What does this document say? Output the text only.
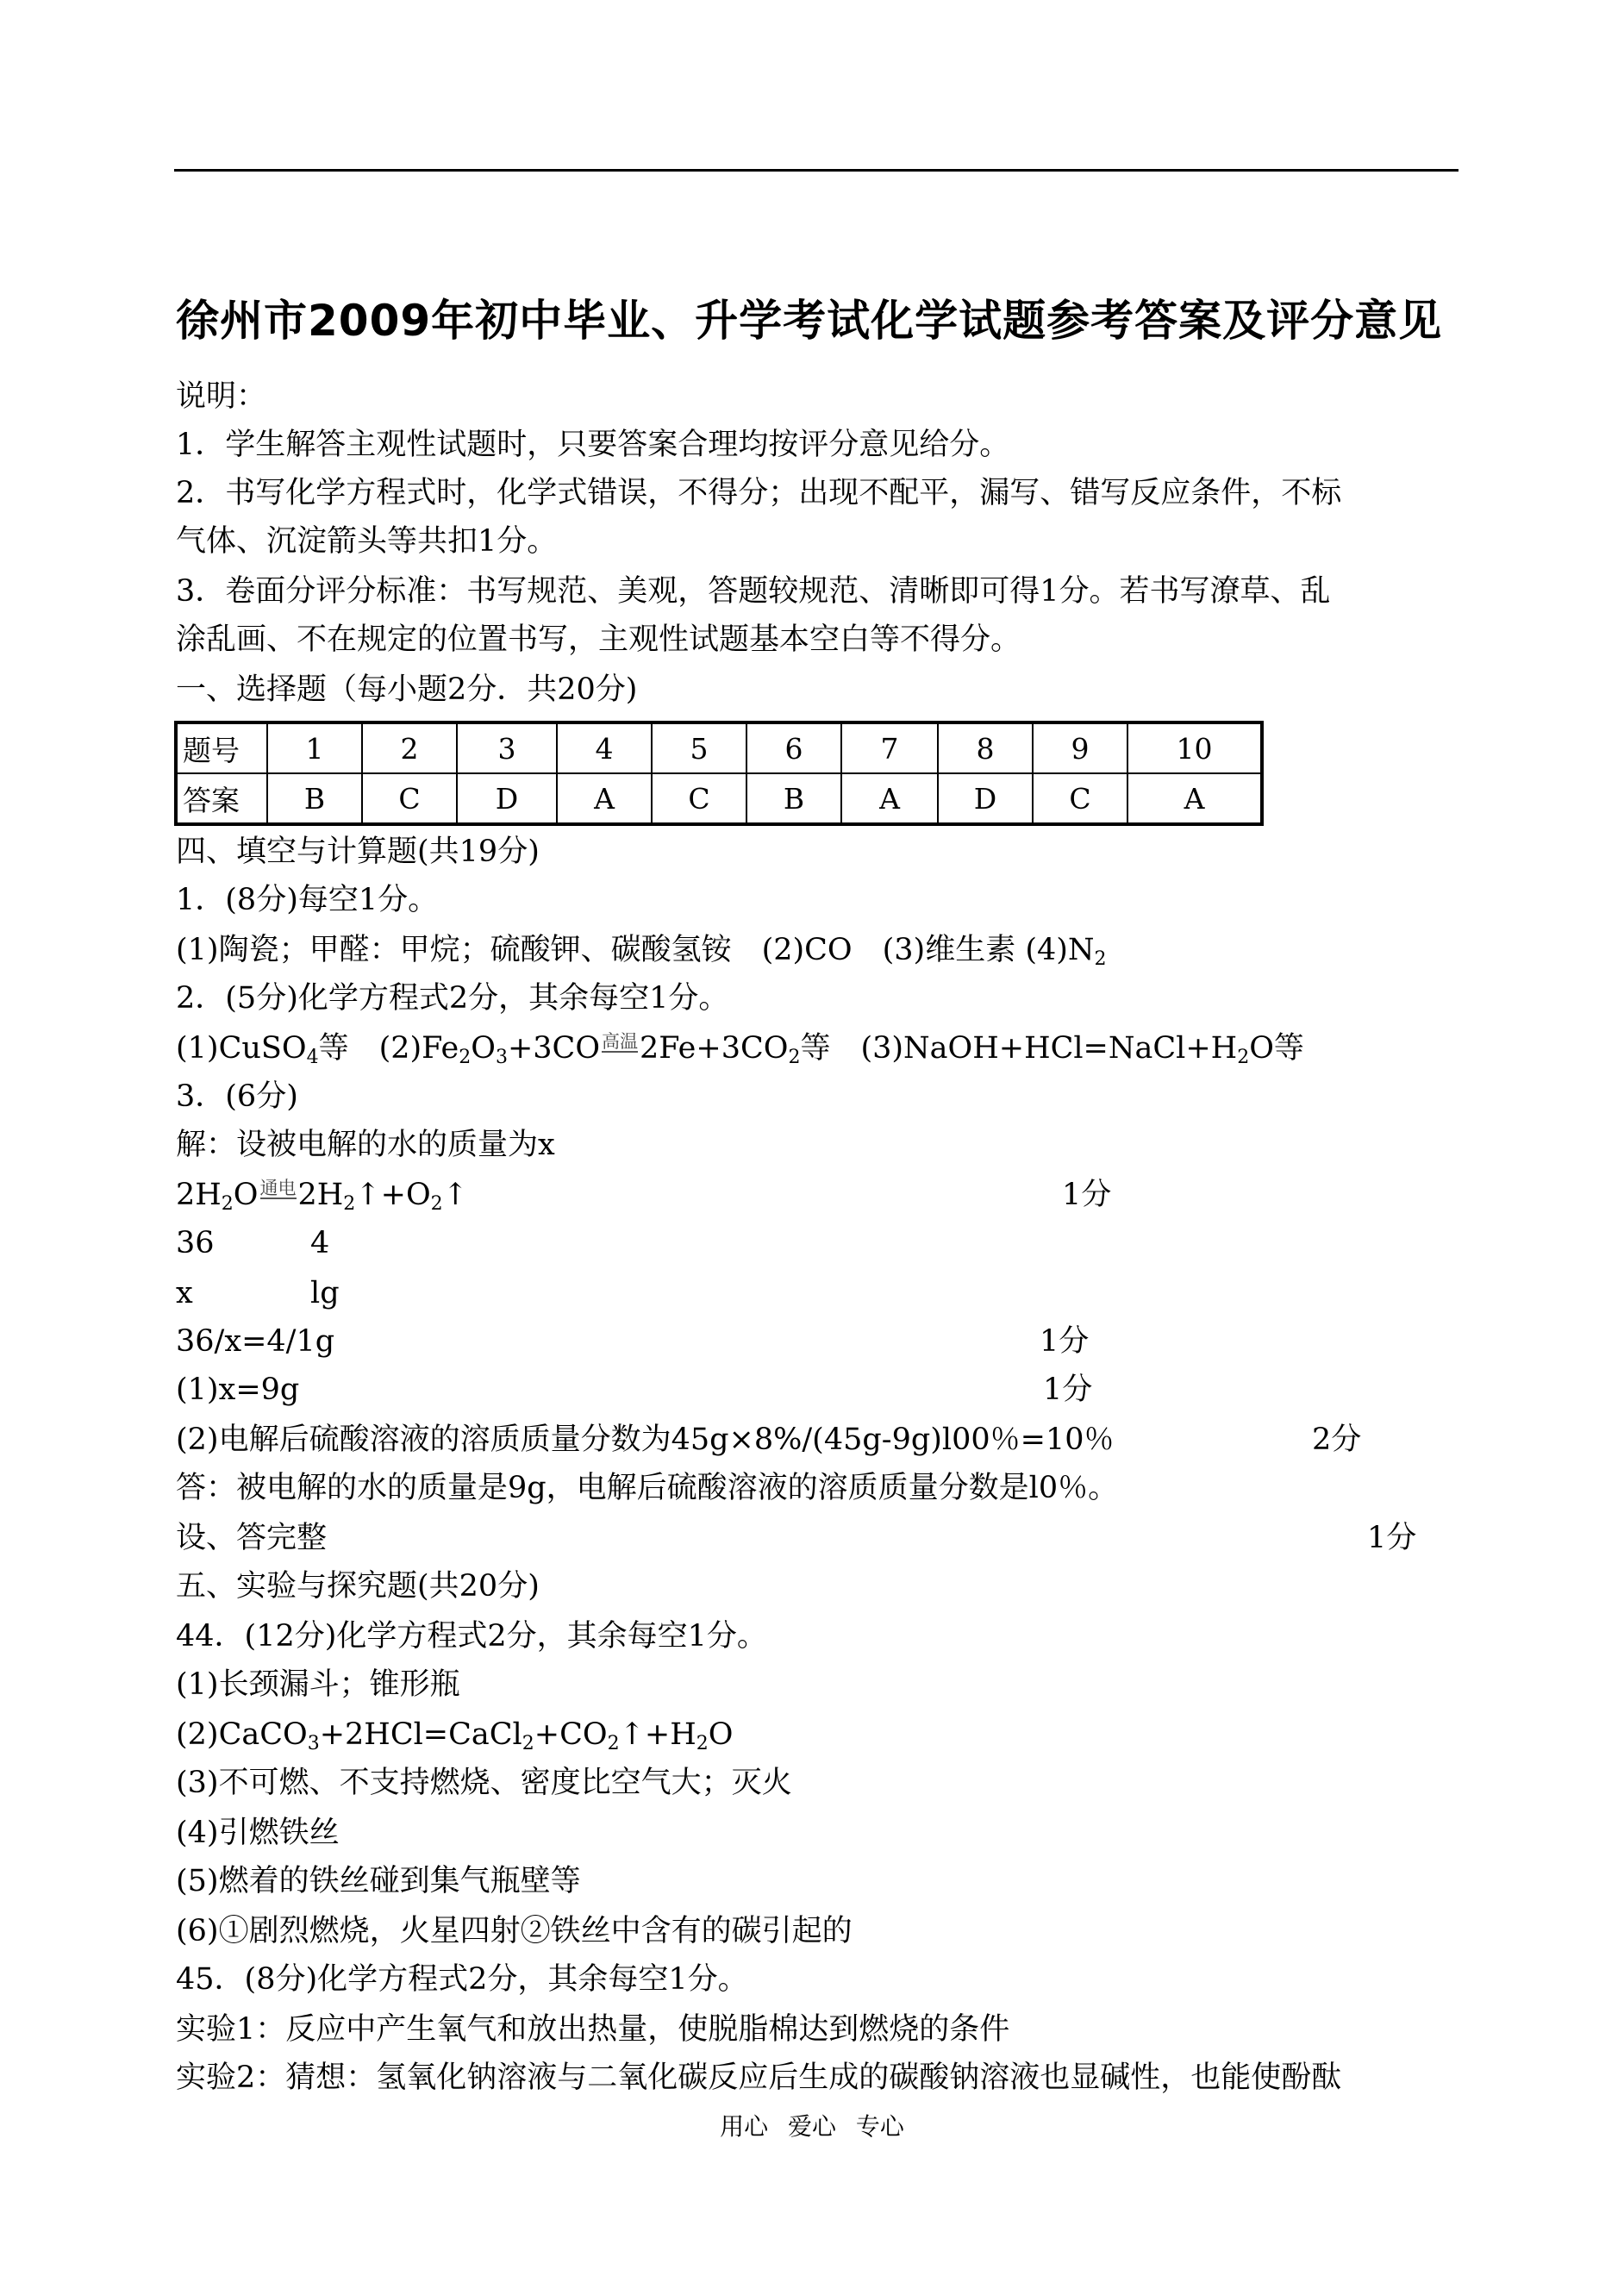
徐州市2009年初中毕业、升学考试化学试题参考答案及评分意见
说明：
1．学生解答主观性试题时，只要答案合理均按评分意见给分。
2．书写化学方程式时，化学式错误，不得分；出现不配平，漏写、错写反应条件，不标
气体、沉淀箭头等共扣1分。
3．卷面分评分标准：书写规范、美观，答题较规范、清晰即可得1分。若书写潦草、乱
涂乱画、不在规定的位置书写，主观性试题基本空白等不得分。
一、选择题（每小题2分．共20分)
题号	1	2	3	4	5	6	7	8	9	10
答案	B	C	D	A	C	B	A	D	C	A
四、填空与计算题(共19分)
1．(8分)每空1分。
(1)陶瓷；甲醛：甲烷；硫酸钾、碳酸氢铵　(2)CO　(3)维生素 $(4)N_2$
2．(5分)化学方程式2分，其余每空1分。
(1)CuSO$_4$等　$(2)Fe_2O_3+3CO$高温$2Fe+3CO_2$等　$(3)NaOH+HCl=NaCl+H_2O$等
3．(6分)
解：设被电解的水的质量为x
$2H_2O$通电$2H_2↑+O_2↑$	1分
36	4
x	lg
36/x=4/1g	1分
(1)x=9g	1分
(2)电解后硫酸溶液的溶质质量分数为45g×8%/(45g-9g)l00％=10％	2分
答：被电解的水的质量是9g，电解后硫酸溶液的溶质质量分数是l0％。
设、答完整	1分
五、实验与探究题(共20分)
44．(12分)化学方程式2分，其余每空1分。
(1)长颈漏斗；锥形瓶
$(2)CaCO_3+2HCl=CaCl_2+CO_2↑+H_2O$
(3)不可燃、不支持燃烧、密度比空气大；灭火
(4)引燃铁丝
(5)燃着的铁丝碰到集气瓶壁等
(6)①剧烈燃烧，火星四射②铁丝中含有的碳引起的
45．(8分)化学方程式2分，其余每空1分。
实验1：反应中产生氧气和放出热量，使脱脂棉达到燃烧的条件
实验2：猜想：氢氧化钠溶液与二氧化碳反应后生成的碳酸钠溶液也显碱性，也能使酚酞
用心 爱心 专心
